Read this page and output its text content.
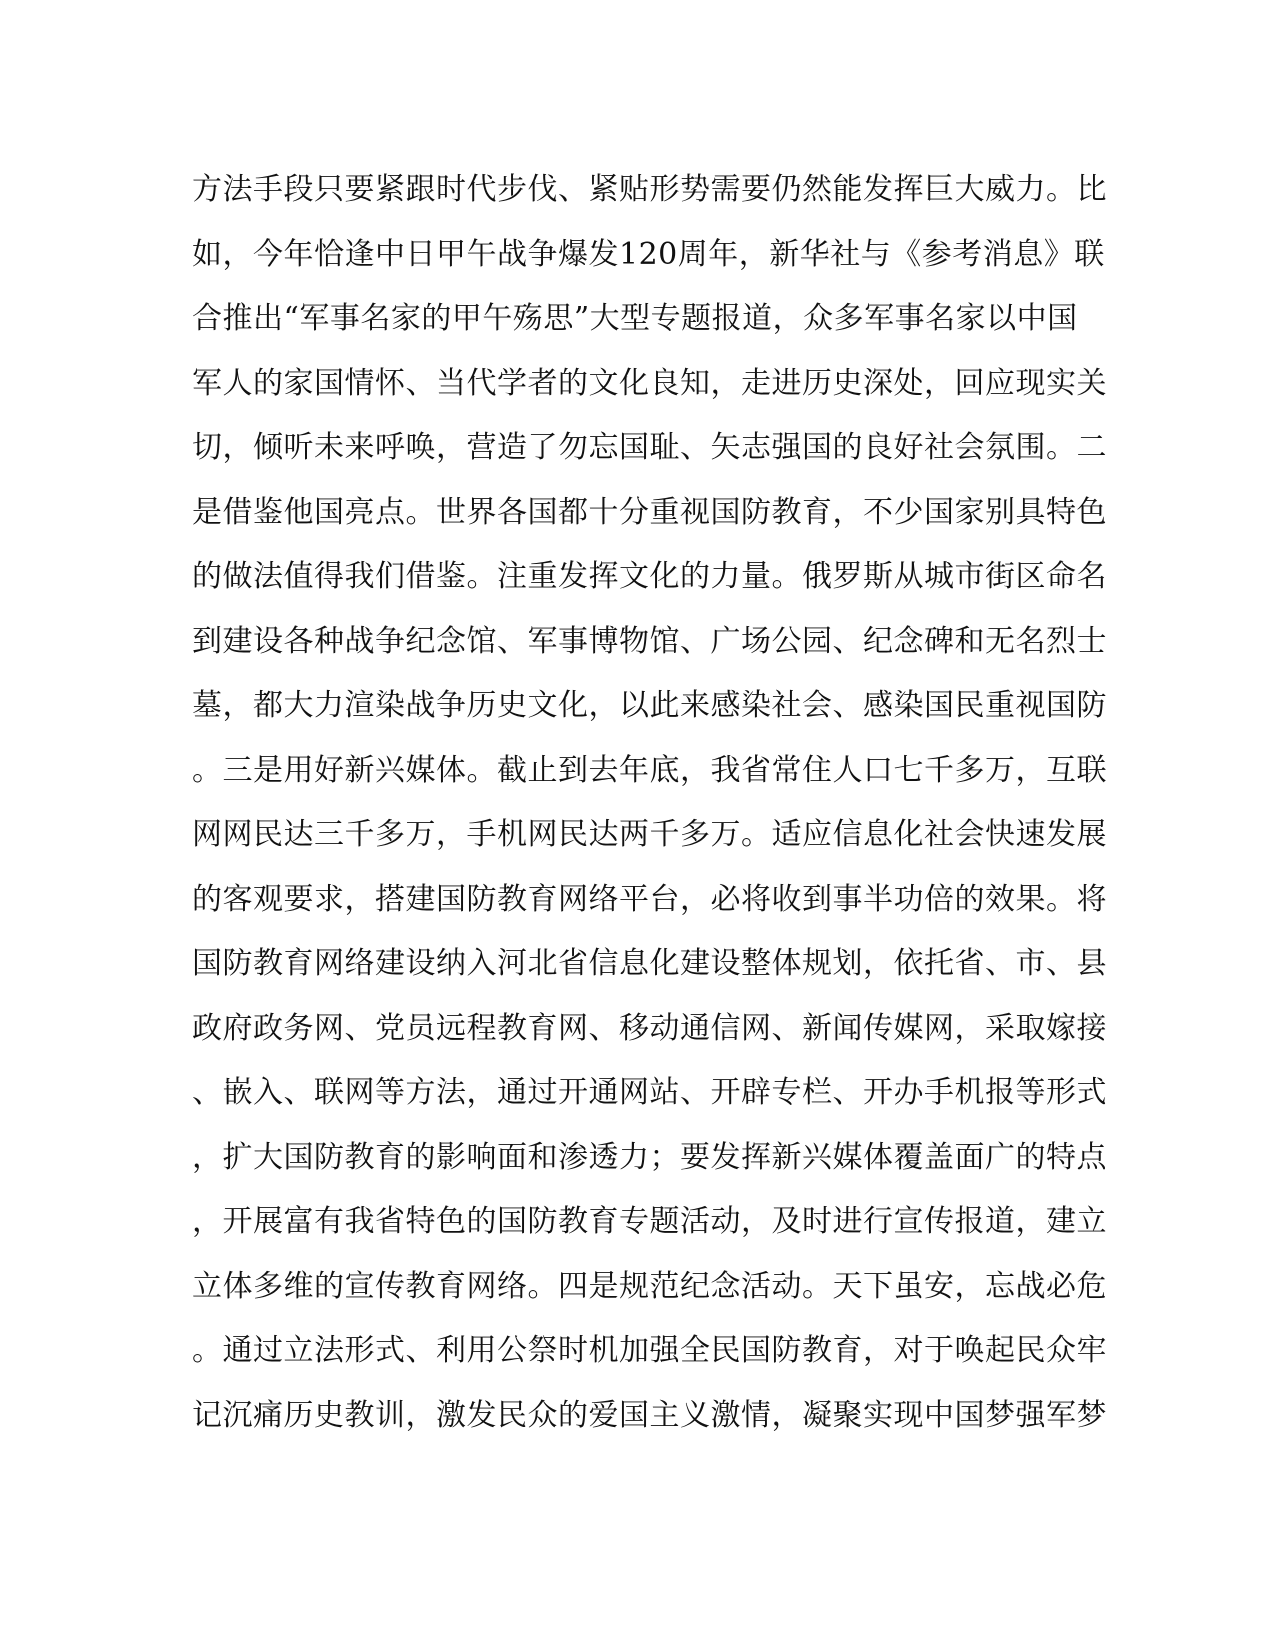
方法手段只要紧跟时代步伐、紧贴形势需要仍然能发挥巨大威力。比
如，今年恰逢中日甲午战争爆发120周年，新华社与《参考消息》联
合推出“军事名家的甲午殇思”大型专题报道，众多军事名家以中国
军人的家国情怀、当代学者的文化良知，走进历史深处，回应现实关
切，倾听未来呼唤，营造了勿忘国耻、矢志强国的良好社会氛围。二
是借鉴他国亮点。世界各国都十分重视国防教育，不少国家别具特色
的做法值得我们借鉴。注重发挥文化的力量。俄罗斯从城市街区命名
到建设各种战争纪念馆、军事博物馆、广场公园、纪念碑和无名烈士
墓，都大力渲染战争历史文化，以此来感染社会、感染国民重视国防
。三是用好新兴媒体。截止到去年底，我省常住人口七千多万，互联
网网民达三千多万，手机网民达两千多万。适应信息化社会快速发展
的客观要求，搭建国防教育网络平台，必将收到事半功倍的效果。将
国防教育网络建设纳入河北省信息化建设整体规划，依托省、市、县
政府政务网、党员远程教育网、移动通信网、新闻传媒网，采取嫁接
、嵌入、联网等方法，通过开通网站、开辟专栏、开办手机报等形式
，扩大国防教育的影响面和渗透力；要发挥新兴媒体覆盖面广的特点
，开展富有我省特色的国防教育专题活动，及时进行宣传报道，建立
立体多维的宣传教育网络。四是规范纪念活动。天下虽安，忘战必危
。通过立法形式、利用公祭时机加强全民国防教育，对于唤起民众牢
记沉痛历史教训，激发民众的爱国主义激情，凝聚实现中国梦强军梦
